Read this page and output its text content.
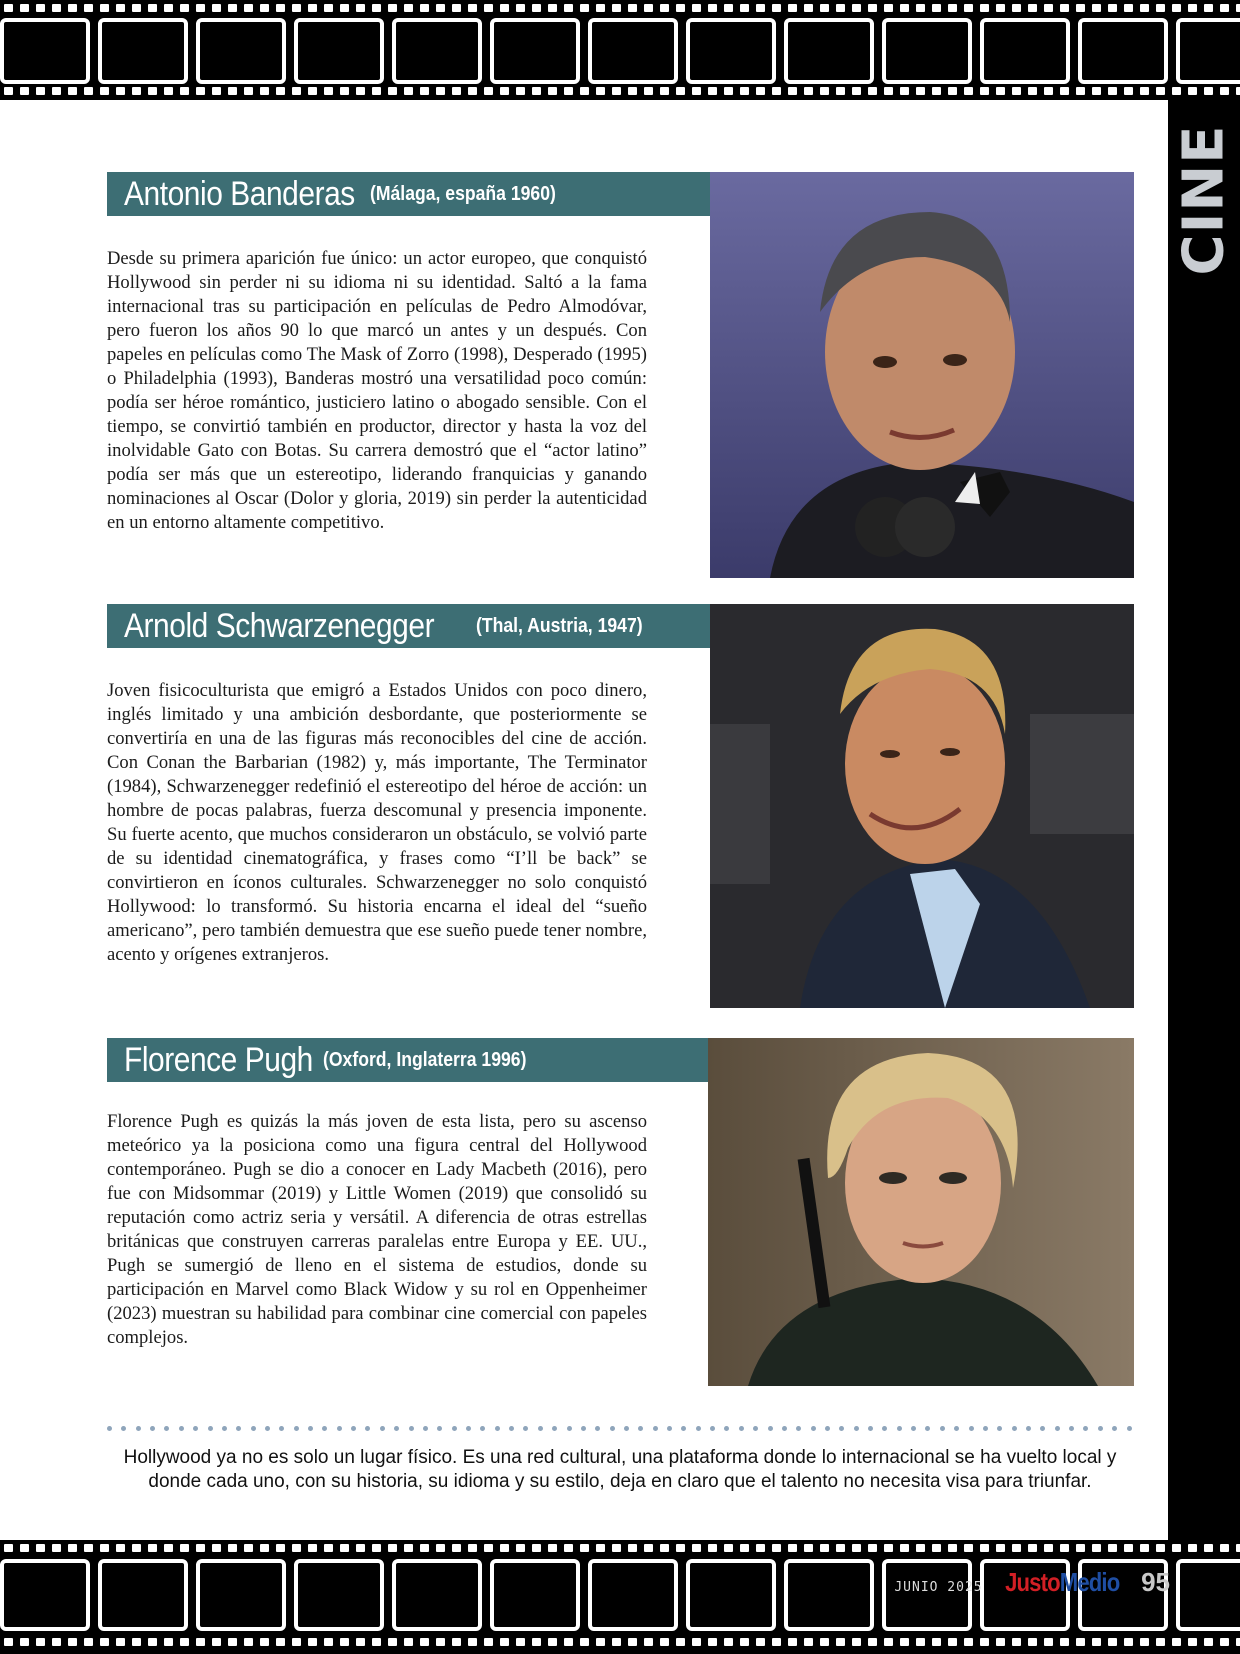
CINE
Antonio Banderas (Málaga, españa 1960)

Desde su primera aparición fue único: un actor europeo, que conquistó Hollywood sin perder ni su idioma ni su identidad. Saltó a la fama internacional tras su participación en películas de Pedro Almodóvar, pero fueron los años 90 lo que marcó un antes y un después. Con papeles en películas como The Mask of Zorro (1998), Desperado (1995) o Philadelphia (1993), Banderas mostró una versatilidad poco común: podía ser héroe romántico, justiciero latino o abogado sensible. Con el tiempo, se convirtió también en productor, director y hasta la voz del inolvidable Gato con Botas. Su carrera demostró que el “actor latino” podía ser más que un estereotipo, liderando franquicias y ganando nominaciones al Oscar (Dolor y gloria, 2019) sin perder la autenticidad en un entorno altamente competitivo.

Arnold Schwarzenegger (Thal, Austria, 1947)

Joven fisicoculturista que emigró a Estados Unidos con poco dinero, inglés limitado y una ambición desbordante, que posteriormente se convertiría en una de las figuras más reconocibles del cine de acción. Con Conan the Barbarian (1982) y, más importante, The Terminator (1984), Schwarzenegger redefinió el estereotipo del héroe de acción: un hombre de pocas palabras, fuerza descomunal y presencia imponente. Su fuerte acento, que muchos consideraron un obstáculo, se volvió parte de su identidad cinematográfica, y frases como “I’ll be back” se convirtieron en íconos culturales. Schwarzenegger no solo conquistó Hollywood: lo transformó. Su historia encarna el ideal del “sueño americano”, pero también demuestra que ese sueño puede tener nombre, acento y orígenes extranjeros.

Florence Pugh (Oxford, Inglaterra 1996)

Florence Pugh es quizás la más joven de esta lista, pero su ascenso meteórico ya la posiciona como una figura central del Hollywood contemporáneo. Pugh se dio a conocer en Lady Macbeth (2016), pero fue con Midsommar (2019) y Little Women (2019) que consolidó su reputación como actriz seria y versátil. A diferencia de otras estrellas británicas que construyen carreras paralelas entre Europa y EE. UU., Pugh se sumergió de lleno en el sistema de estudios, donde su participación en Marvel como Black Widow y su rol en Oppenheimer (2023) muestran su habilidad para combinar cine comercial con papeles complejos.

Hollywood ya no es solo un lugar físico. Es una red cultural, una plataforma donde lo internacional se ha vuelto local y donde cada uno, con su historia, su idioma y su estilo, deja en claro que el talento no necesita visa para triunfar.

JUNIO 2025 JustoMedio 95
